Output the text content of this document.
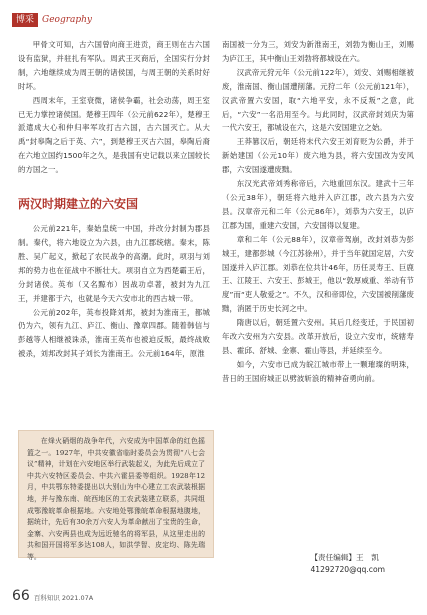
博采 Geography

甲骨文可知，古六国曾向商王进贡，商王则在古六国设有监狱，并驻扎有军队。周武王灭商后，全国实行分封制，六地继续成为周王朝的诸侯国，与周王朝的关系时好时坏。

西周末年，王室衰微，诸侯争霸，社会动荡，周王室已无力掌控诸侯国。楚穆王四年（公元前622年），楚穆王派遣成大心和仲归率军攻打古六国，古六国灭亡。从大禹“封皋陶之后于英、六”，到楚穆王灭古六国，皋陶后裔在六地立国约1500年之久，是我国有史记载以来立国较长的方国之一。

两汉时期建立的六安国

公元前221年，秦始皇统一中国，并改分封制为郡县制。秦代，将六地设立为六县，由九江郡统辖。秦末，陈胜、吴广起义，掀起了农民战争的高潮。此时，项羽与刘邦的势力也在征战中不断壮大。项羽自立为西楚霸王后，分封诸侯。英布（又名黥布）因战功卓著，被封为九江王，并建都于六，也就是今天六安市北的西古城一带。

公元前202年，英布投降刘邦，被封为淮南王，都城仍为六，领有九江、庐江、衡山、豫章四郡。随着韩信与彭越等人相继被诛杀，淮南王英布也被迫反叛，最终战败被杀，刘邦改封其子刘长为淮南王。公元前164年，原淮

南国被一分为三，刘安为新淮南王，刘勃为衡山王，刘赐为庐江王，其中衡山王刘勃将都城设在六。

汉武帝元狩元年（公元前122年），刘安、刘赐相继被废，淮南国、衡山国遭削藩。元狩二年（公元前121年），汉武帝置六安国，取“六地平安，永不反叛”之意，此后，“六安”一名沿用至今。与此同时，汉武帝封刘庆为第一代六安王，都城设在六，这是六安国建立之始。

王莽篡汉后，朝廷将末代六安王刘育贬为公爵，并于新始建国（公元10年）废六地为县，将六安国改为安风郡，六安国遂遭废黜。

东汉光武帝刘秀称帝后，六地重回东汉。建武十三年（公元38年），朝廷将六地并入庐江郡，改六县为六安县。汉章帝元和二年（公元86年），刘恭为六安王，以庐江郡为国，重建六安国，六安国得以复建。

章和二年（公元88年），汉章帝驾崩，改封刘恭为彭城王，建都彭城（今江苏徐州），并于当年就国定居，六安国遂并入庐江郡。刘恭在位共计46年，历任灵寿王、巨鹿王、江陵王、六安王、彭城王，他以“敦厚威重、举动有节度”而“吏人敬爱之”。不久，汉和帝即位，六安国被削藩废黜，消匿于历史长河之中。

隋唐以后，朝廷置六安州。其后几经变迁，于民国初年改六安州为六安县。改革开放后，设立六安市，统辖寿县、霍邱、舒城、金寨、霍山等县，并延续至今。

如今，六安市已成为皖江城市带上一颗璀璨的明珠，昔日的王国府城正以劈波斩浪的精神奋勇向前。

在烽火硝烟的战争年代，六安成为中国革命的红色摇篮之一。1927年，中共安徽省临时委员会为贯彻“八七会议”精神，计划在六安地区举行武装起义，为此先后成立了中共六安特区委员会、中共六霍县委等组织。1928年12月，中共鄂东特委提出以大别山为中心建立工农武装根据地，并与豫东南、皖西地区的工农武装建立联系，共同组成鄂豫皖革命根据地。六安地处鄂豫皖革命根据地腹地，据统计，先后有30余万六安人为革命献出了宝贵的生命，金寨、六安两县也成为远近驰名的将军县，从这里走出的共和国开国将军多达108人，如洪学智、皮定均、陈先瑞等。	【责任编辑】王　凯
41292720@qq.com
66 百科知识 2021.07A
